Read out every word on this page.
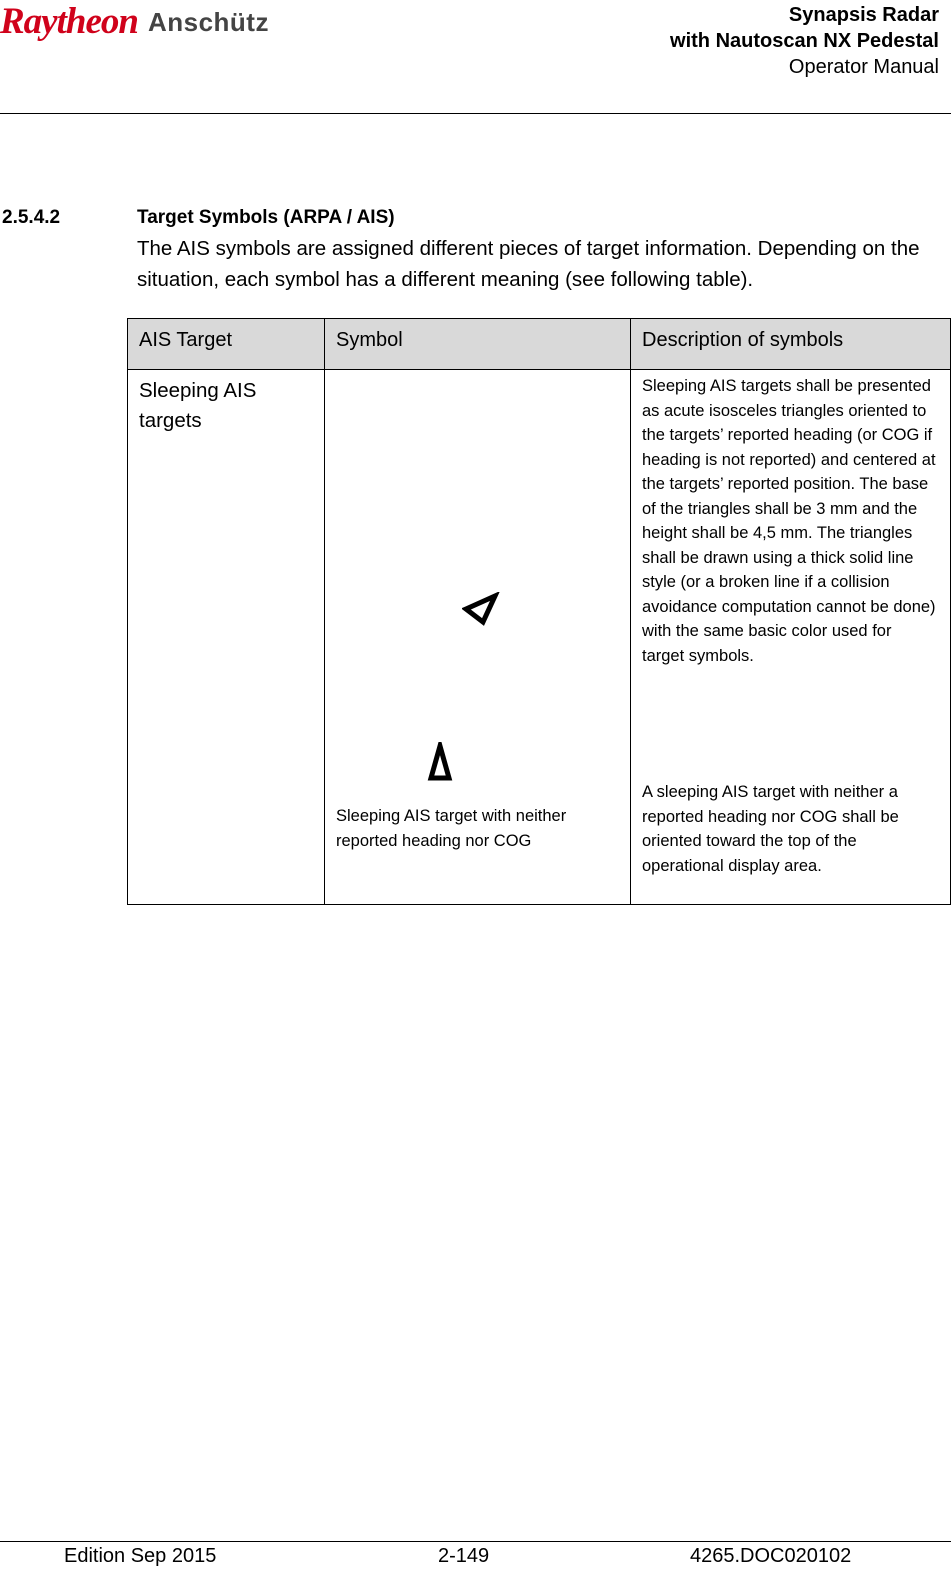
Raytheon Anschütz	Synapsis Radar
with Nautoscan NX Pedestal
Operator Manual
2.5.4.2	Target Symbols (ARPA / AIS)
The AIS symbols are assigned different pieces of target information. Depending on the situation, each symbol has a different meaning (see following table).
AIS Target	Symbol	Description of symbols

Sleeping AIS targets	Sleeping AIS target with neither reported heading nor COG	Sleeping AIS targets shall be presented as acute isosceles triangles oriented to the targets’ reported heading (or COG if heading is not reported) and centered at the targets’ reported position. The base of the triangles shall be 3 mm and the height shall be 4,5 mm. The triangles shall be drawn using a thick solid line style (or a broken line if a collision avoidance computation cannot be done) with the same basic color used for target symbols.
A sleeping AIS target with neither a reported heading nor COG shall be oriented toward the top of the operational display area.
Edition Sep 2015	2-149	4265.DOC020102
